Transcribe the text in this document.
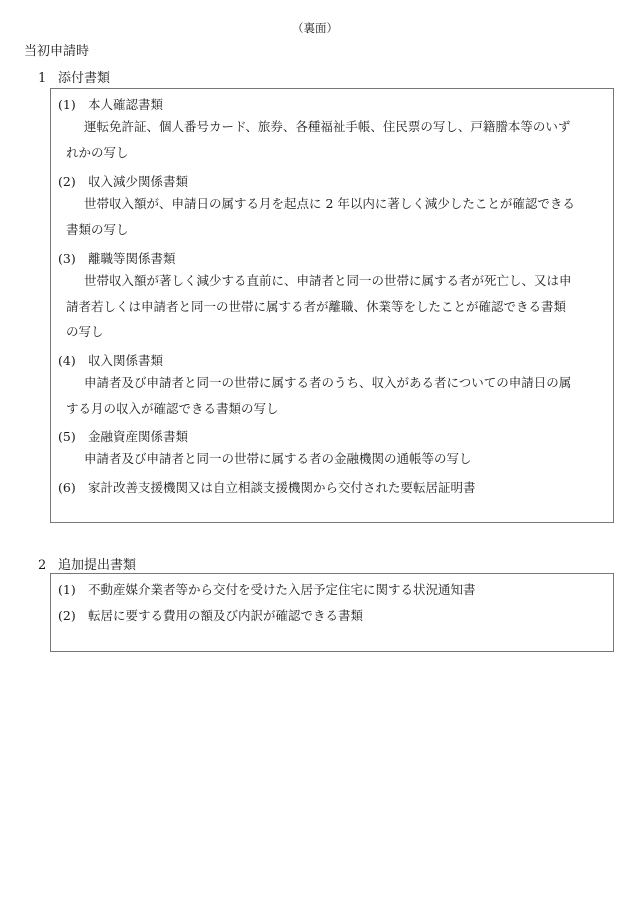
（裏面）
当初申請時
1 添付書類
(1) 本人確認書類
運転免許証、個人番号カード、旅券、各種福祉手帳、住民票の写し、戸籍謄本等のいず
れかの写し
(2) 収入減少関係書類
世帯収入額が、申請日の属する月を起点に 2 年以内に著しく減少したことが確認できる
書類の写し
(3) 離職等関係書類
世帯収入額が著しく減少する直前に、申請者と同一の世帯に属する者が死亡し、又は申
請者若しくは申請者と同一の世帯に属する者が離職、休業等をしたことが確認できる書類
の写し
(4) 収入関係書類
申請者及び申請者と同一の世帯に属する者のうち、収入がある者についての申請日の属
する月の収入が確認できる書類の写し
(5) 金融資産関係書類
申請者及び申請者と同一の世帯に属する者の金融機関の通帳等の写し
(6) 家計改善支援機関又は自立相談支援機関から交付された要転居証明書
2 追加提出書類
(1) 不動産媒介業者等から交付を受けた入居予定住宅に関する状況通知書
(2) 転居に要する費用の額及び内訳が確認できる書類
